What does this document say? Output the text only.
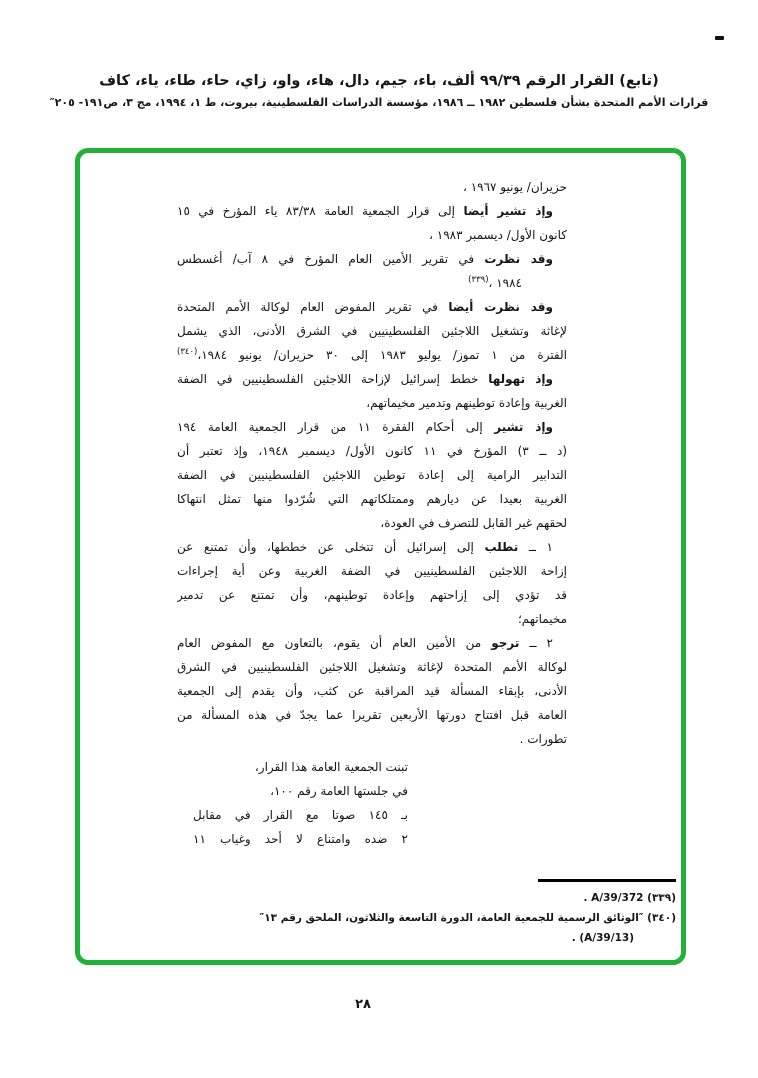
(تابع) القرار الرقم ٩٩/٣٩ ألف، باء، جيم، دال، هاء، واو، زاي، حاء، طاء، ياء، كاف
قرارات الأمم المتحدة بشأن فلسطين ١٩٨٢ ــ ١٩٨٦، مؤسسة الدراسات الفلسطينية، بيروت، ط ١، ١٩٩٤، مج ٣، ص١٩١- ٢٠٥″
حزيران/ يونيو ١٩٦٧ ،
وإذ تشير أيضا إلى قرار الجمعية العامة ٨٣/٣٨ ياء المؤرخ في ١٥
كانون الأول/ ديسمبر ١٩٨٣ ،
وقد نظرت في تقرير الأمين العام المؤرخ في ٨ آب/ أغسطس
١٩٨٤ ،$^{(٣٣٩)}$
وقد نظرت أيضا في تقرير المفوض العام لوكالة الأمم المتحدة
لإغاثة وتشغيل اللاجئين الفلسطينيين في الشرق الأدنى، الذي يشمل
الفترة من ١ تموز/ يوليو ١٩٨٣ إلى ٣٠ حزيران/ يونيو ١٩٨٤،$^{(٣٤٠)}$
وإذ تهولها خطط إسرائيل لإزاحة اللاجئين الفلسطينيين في الضفة
الغربية وإعادة توطينهم وتدمير مخيماتهم،
وإذ تشير إلى أحكام الفقرة ١١ من قرار الجمعية العامة ١٩٤
(د ــ ٣) المؤرخ في ١١ كانون الأول/ ديسمبر ١٩٤٨، وإذ تعتبر أن
التدابير الرامية إلى إعادة توطين اللاجئين الفلسطينيين في الضفة
الغربية بعيدا عن ديارهم وممتلكاتهم التي شُرّدوا منها تمثل انتهاكا
لحقهم غير القابل للتصرف في العودة،
١ ــ تطلب إلى إسرائيل أن تتخلى عن خططها، وأن تمتنع عن
إزاحة اللاجئين الفلسطينيين في الضفة الغربية وعن أية إجراءات
قد تؤدي إلى إزاحتهم وإعادة توطينهم، وأن تمتنع عن تدمير
مخيماتهم؛
٢ ــ ترجو من الأمين العام أن يقوم، بالتعاون مع المفوض العام
لوكالة الأمم المتحدة لإغاثة وتشغيل اللاجئين الفلسطينيين في الشرق
الأدنى، بإبقاء المسألة قيد المراقبة عن كثب، وأن يقدم إلى الجمعية
العامة قبل افتتاح دورتها الأربعين تقريرا عما يجدّ في هذه المسألة من
تطورات .
تبنت الجمعية العامة هذا القرار،
في جلستها العامة رقم ١٠٠،
بـ ١٤٥ صوتا مع القرار في مقابل
٢ ضده وامتناع لا أحد وغياب ١١
(٣٣٩) A/39/372 .
(٣٤٠) ″الوثائق الرسمية للجمعية العامة، الدورة التاسعة والثلاثون، الملحق رقم ١٣″
(A/39/13) .
٢٨
